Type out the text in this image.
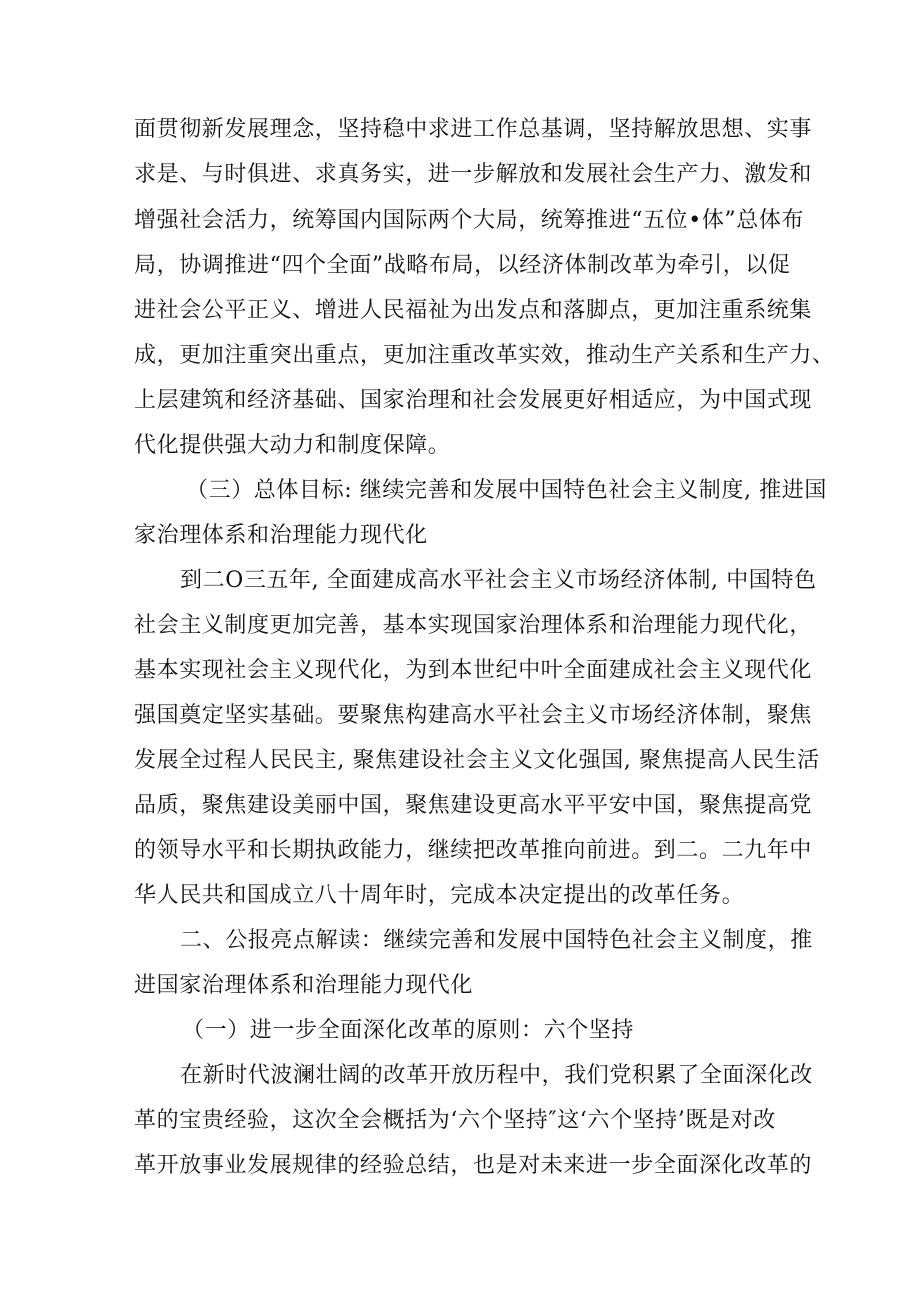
面贯彻新发展理念，坚持稳中求进工作总基调，坚持解放思想、实事
求是、与时俱进、求真务实，进一步解放和发展社会生产力、激发和
增强社会活力，统筹国内国际两个大局，统筹推进“五位•体”总体布
局，协调推进“四个全面”战略布局，以经济体制改革为牵引，以促
进社会公平正义、增进人民福祉为出发点和落脚点，更加注重系统集
成，更加注重突出重点，更加注重改革实效，推动生产关系和生产力、
上层建筑和经济基础、国家治理和社会发展更好相适应，为中国式现
代化提供强大动力和制度保障。
（三）总体目标: 继续完善和发展中国特色社会主义制度, 推进国
家治理体系和治理能力现代化
到二O三五年, 全面建成高水平社会主义市场经济体制, 中国特色
社会主义制度更加完善，基本实现国家治理体系和治理能力现代化，
基本实现社会主义现代化，为到本世纪中叶全面建成社会主义现代化
强国奠定坚实基础。要聚焦构建高水平社会主义市场经济体制，聚焦
发展全过程人民民主, 聚焦建设社会主义文化强国, 聚焦提高人民生活
品质，聚焦建设美丽中国，聚焦建设更高水平平安中国，聚焦提高党
的领导水平和长期执政能力，继续把改革推向前进。到二。二九年中
华人民共和国成立八十周年时，完成本决定提出的改革任务。
二、公报亮点解读：继续完善和发展中国特色社会主义制度，推
进国家治理体系和治理能力现代化
（一）进一步全面深化改革的原则：六个坚持
在新时代波澜壮阔的改革开放历程中，我们党积累了全面深化改
革的宝贵经验，这次全会概括为‘六个坚持″这‘六个坚持’既是对改
革开放事业发展规律的经验总结，也是对未来进一步全面深化改革的
